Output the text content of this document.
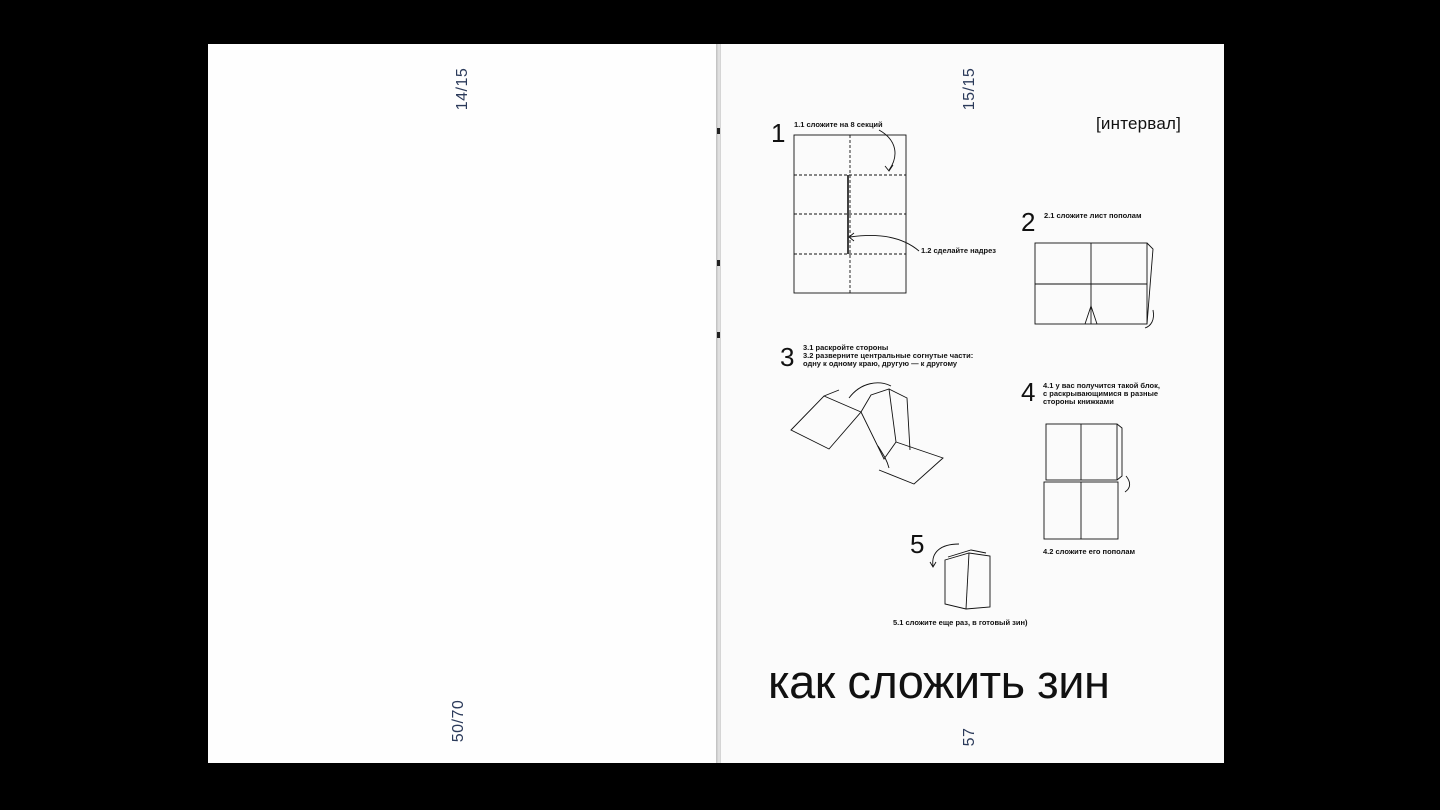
14/15
50/70
15/15
57
[интервал]
1
2
3
4
5
1.1 сложите на 8 секций
1.2 сделайте надрез
2.1 сложите лист пополам
3.1 раскройте стороны
3.2 разверните центральные согнутые части:
одну к одному краю, другую — к другому
4.1 у вас получится такой блок,
с раскрывающимися в разные
стороны книжками
4.2 сложите его пополам
5.1 сложите еще раз, в готовый зин)
как сложить зин
